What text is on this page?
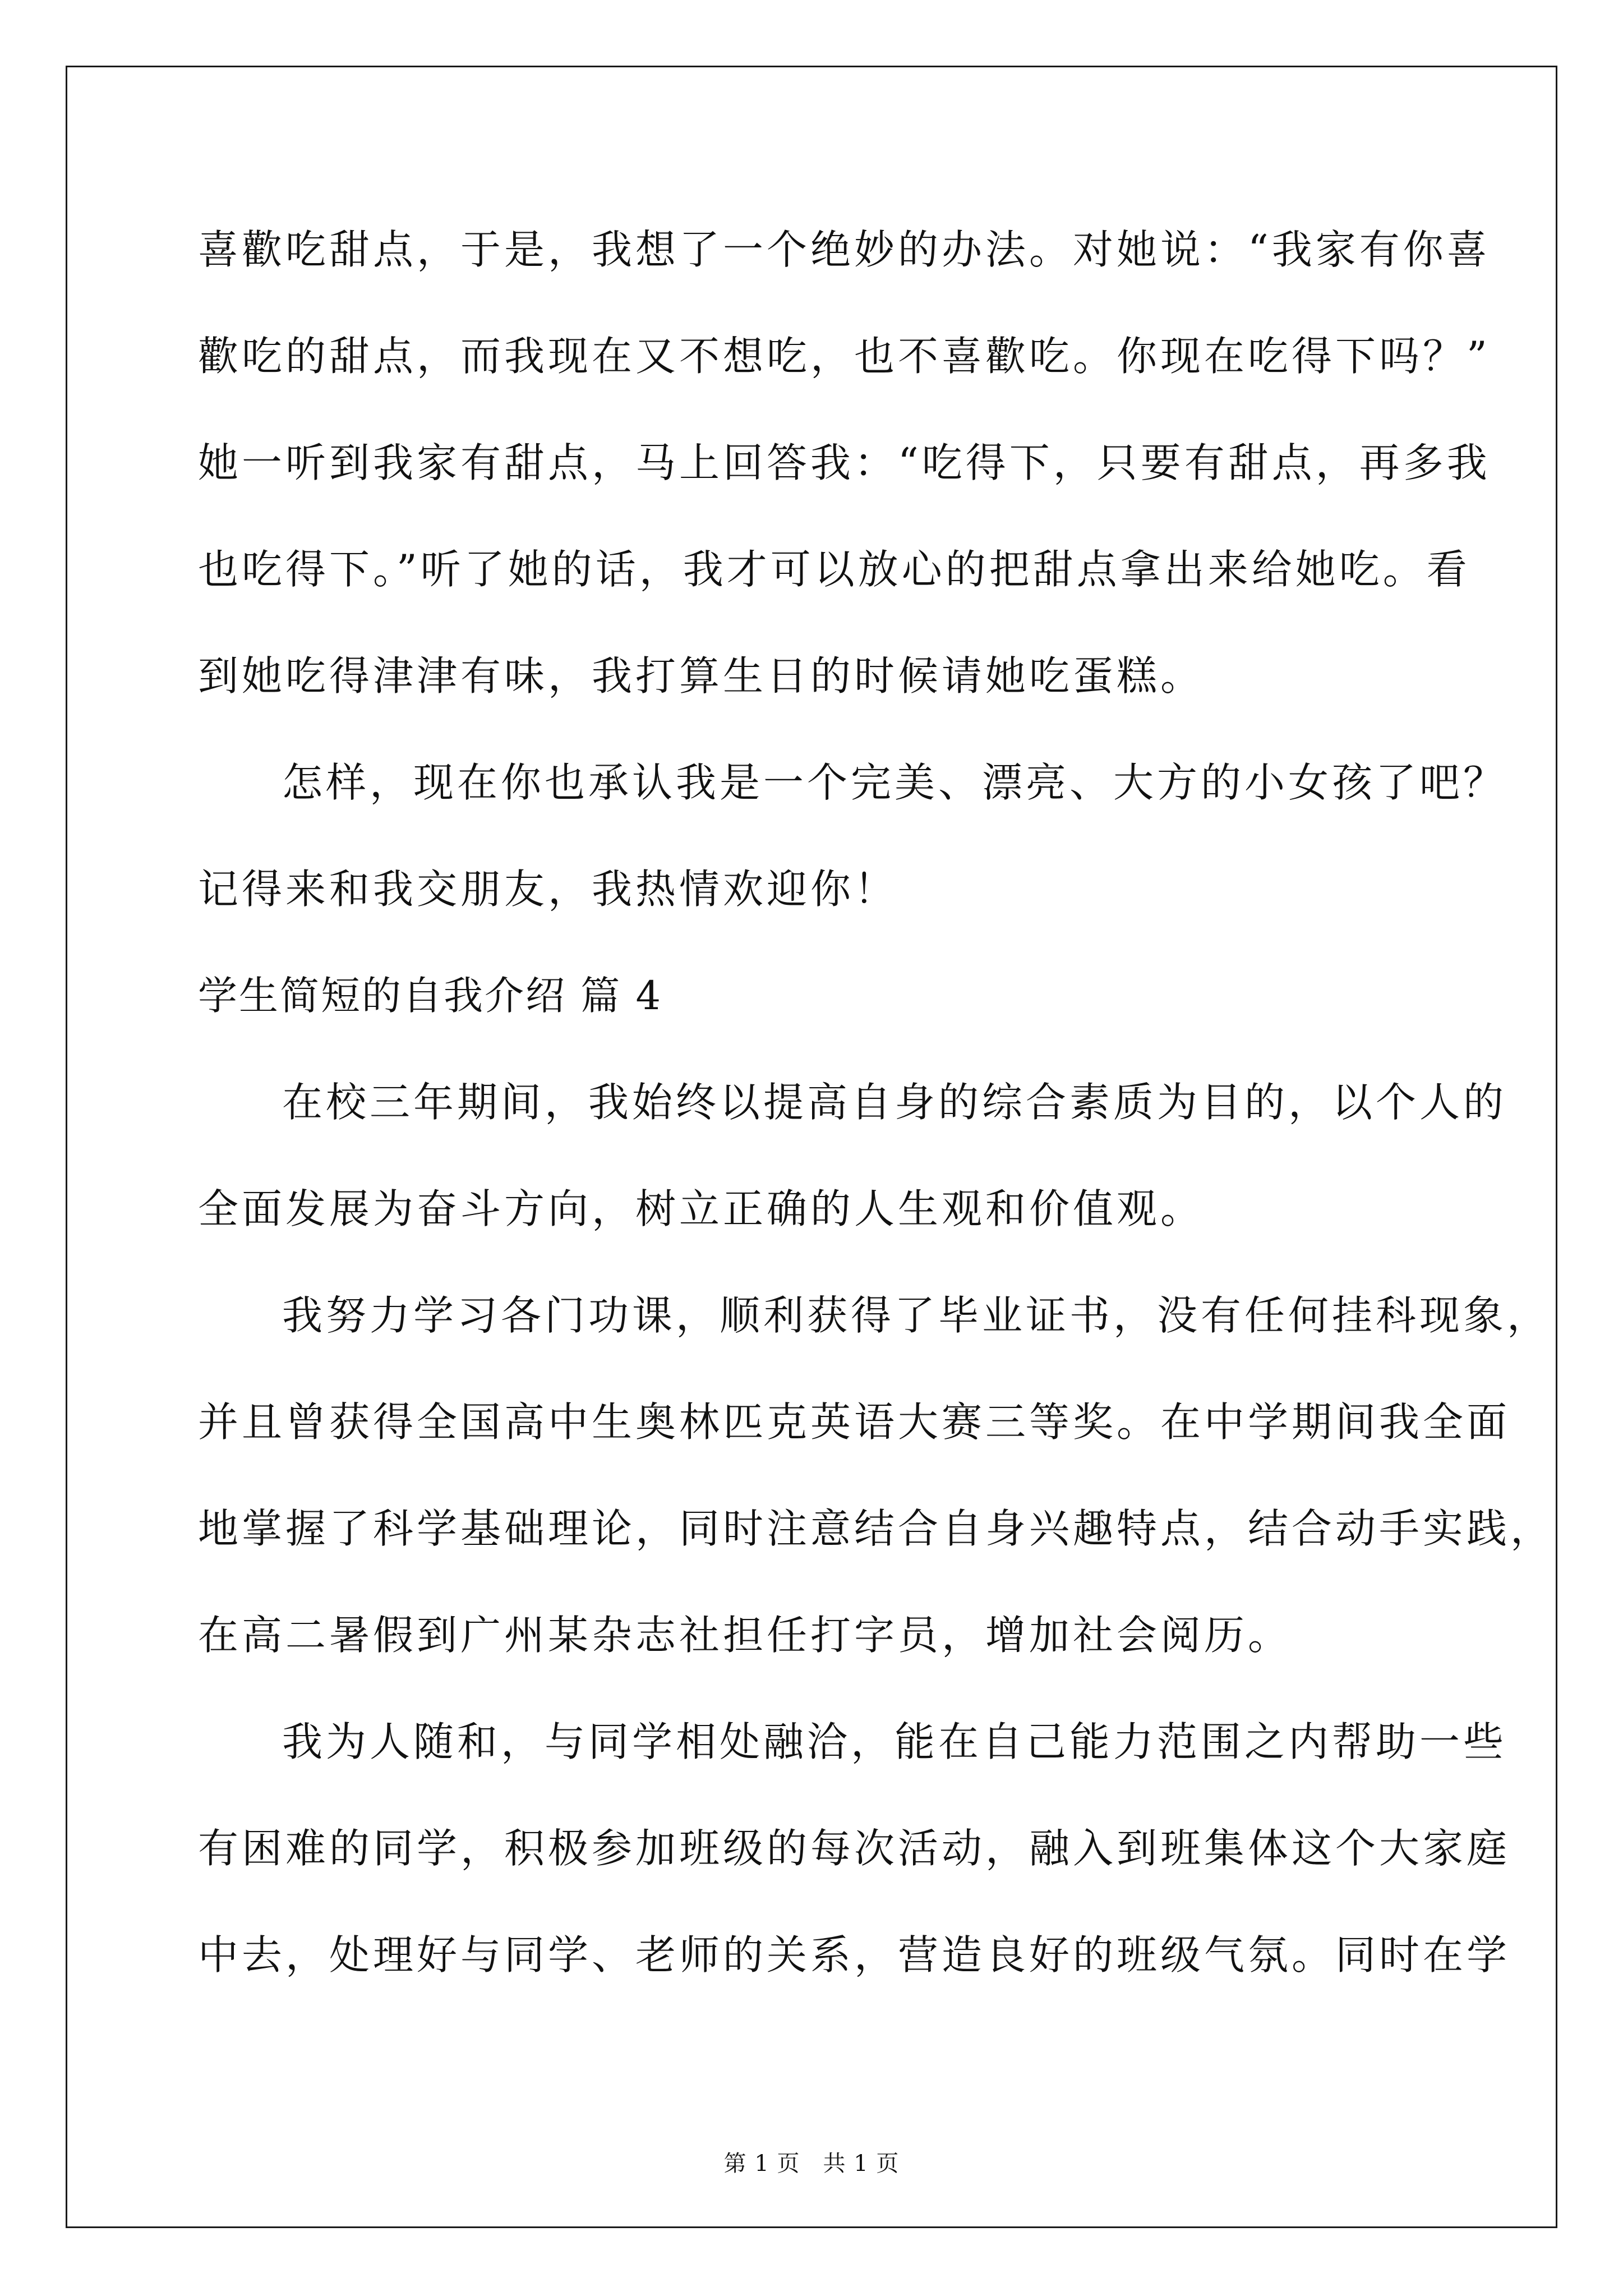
喜歡吃甜点，于是，我想了一个绝妙的办法。对她说：“我家有你喜
歡吃的甜点，而我现在又不想吃，也不喜歡吃。你现在吃得下吗？”
她一听到我家有甜点，马上回答我：“吃得下，只要有甜点，再多我
也吃得下。”听了她的话，我才可以放心的把甜点拿出来给她吃。看
到她吃得津津有味，我打算生日的时候请她吃蛋糕。
怎样，现在你也承认我是一个完美、漂亮、大方的小女孩了吧？
记得来和我交朋友，我热情欢迎你！
学生简短的自我介绍 篇 4
在校三年期间，我始终以提高自身的综合素质为目的，以个人的
全面发展为奋斗方向，树立正确的人生观和价值观。
我努力学习各门功课，顺利获得了毕业证书，没有任何挂科现象，
并且曾获得全国高中生奥林匹克英语大赛三等奖。在中学期间我全面
地掌握了科学基础理论，同时注意结合自身兴趣特点，结合动手实践，
在高二暑假到广州某杂志社担任打字员，增加社会阅历。
我为人随和，与同学相处融洽，能在自己能力范围之内帮助一些
有困难的同学，积极参加班级的每次活动，融入到班集体这个大家庭
中去，处理好与同学、老师的关系，营造良好的班级气氛。同时在学
第 1 页　共 1 页
